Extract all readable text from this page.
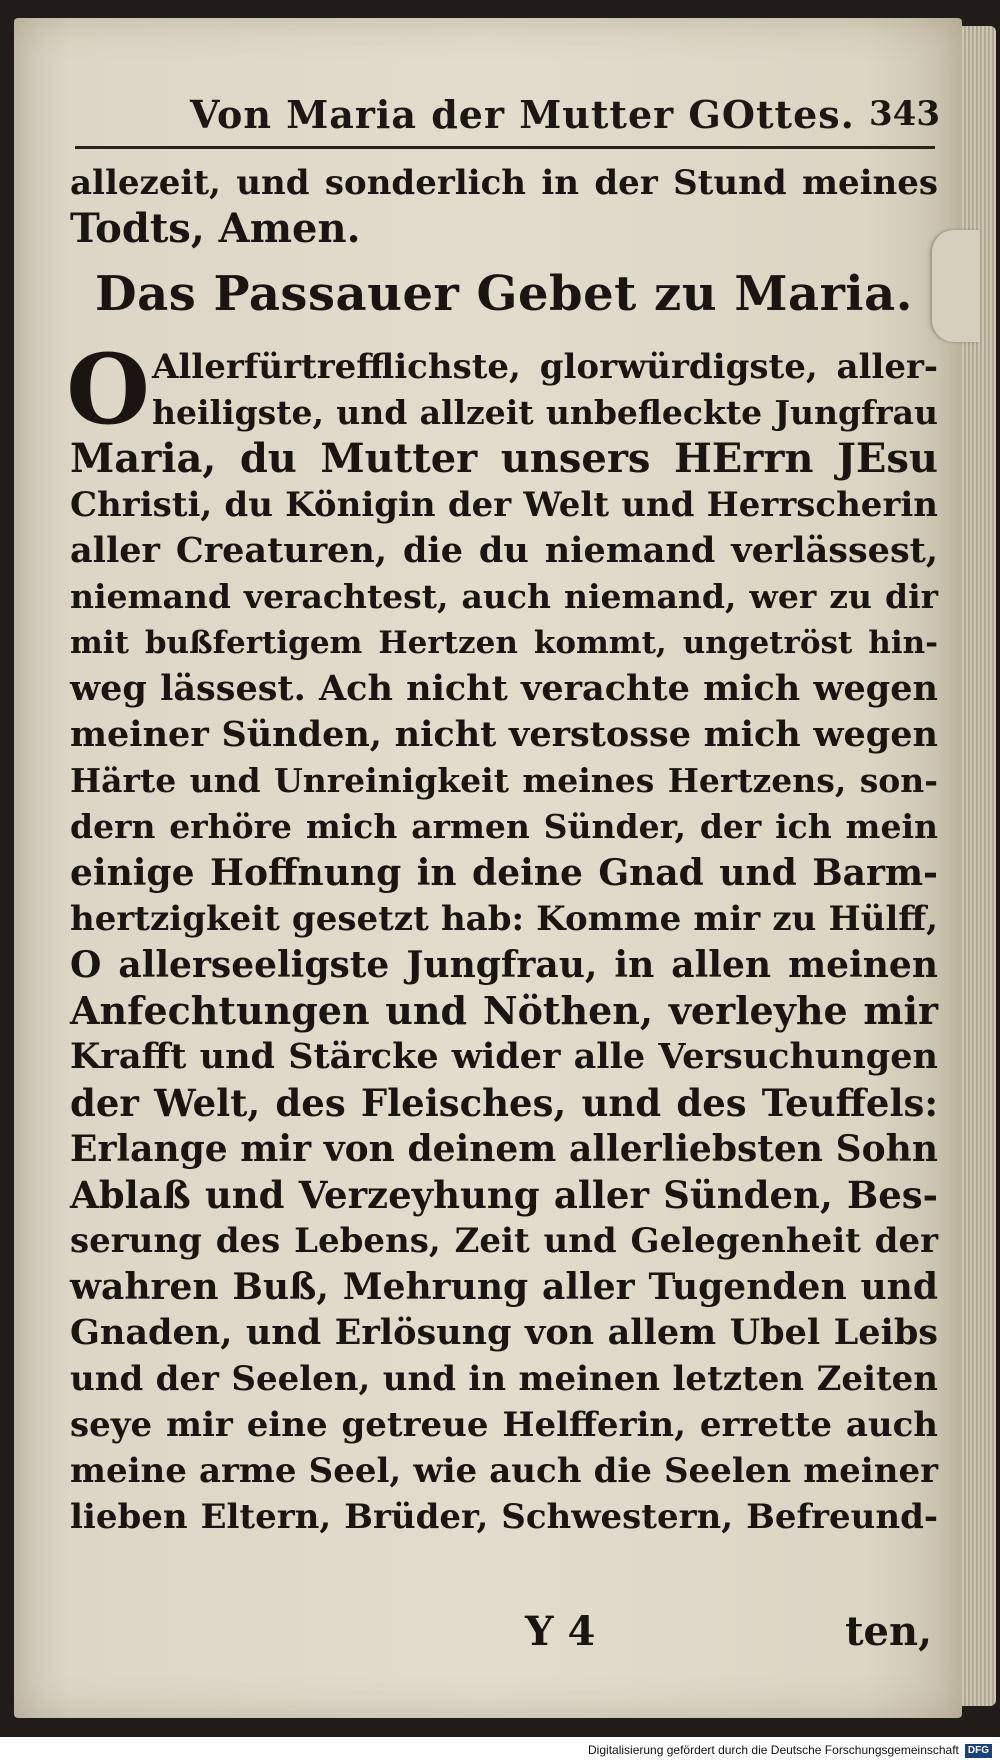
Von Maria der Mutter GOttes. 343
allezeit, und sonderlich in der Stund meines
Todts, Amen.
Das Passauer Gebet zu Maria.
O Allerfürtrefflichste, glorwürdigste, aller-
heiligste, und allzeit unbefleckte Jungfrau
Maria, du Mutter unsers HErrn JEsu
Christi, du Königin der Welt und Herrscherin
aller Creaturen, die du niemand verlässest,
niemand verachtest, auch niemand, wer zu dir
mit bußfertigem Hertzen kommt, ungetröst hin-
weg lässest. Ach nicht verachte mich wegen
meiner Sünden, nicht verstosse mich wegen
Härte und Unreinigkeit meines Hertzens, son-
dern erhöre mich armen Sünder, der ich mein
einige Hoffnung in deine Gnad und Barm-
hertzigkeit gesetzt hab: Komme mir zu Hülff,
O allerseeligste Jungfrau, in allen meinen
Anfechtungen und Nöthen, verleyhe mir
Krafft und Stärcke wider alle Versuchungen
der Welt, des Fleisches, und des Teuffels:
Erlange mir von deinem allerliebsten Sohn
Ablaß und Verzeyhung aller Sünden, Bes-
serung des Lebens, Zeit und Gelegenheit der
wahren Buß, Mehrung aller Tugenden und
Gnaden, und Erlösung von allem Ubel Leibs
und der Seelen, und in meinen letzten Zeiten
seye mir eine getreue Helfferin, errette auch
meine arme Seel, wie auch die Seelen meiner
lieben Eltern, Brüder, Schwestern, Befreund-
Y 4	ten,
Digitalisierung gefördert durch die Deutsche Forschungsgemeinschaft DFG
